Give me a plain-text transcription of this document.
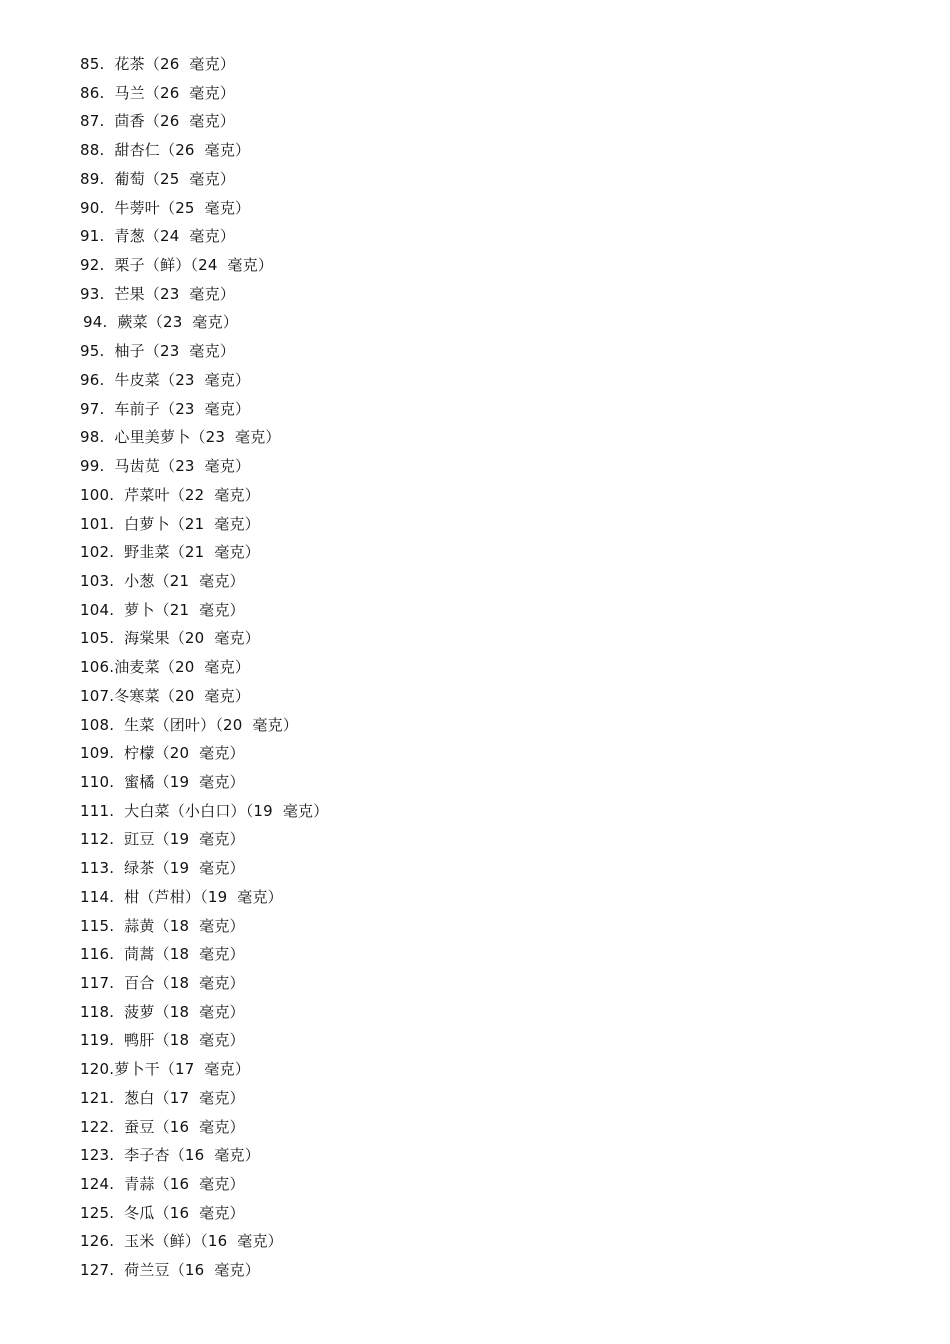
85.  花茶（26  毫克）
86.  马兰（26  毫克）
87.  茴香（26  毫克）
88.  甜杏仁（26  毫克）
89.  葡萄（25  毫克）
90.  牛蒡叶（25  毫克）
91.  青葱（24  毫克）
92.  栗子（鲜）（24  毫克）
93.  芒果（23  毫克）
94.  蕨菜（23  毫克）
95.  柚子（23  毫克）
96.  牛皮菜（23  毫克）
97.  车前子（23  毫克）
98.  心里美萝卜（23  毫克）
99.  马齿苋（23  毫克）
100.  芹菜叶（22  毫克）
101.  白萝卜（21  毫克）
102.  野韭菜（21  毫克）
103.  小葱（21  毫克）
104.  萝卜（21  毫克）
105.  海棠果（20  毫克）
106.油麦菜（20  毫克）
107.冬寒菜（20  毫克）
108.  生菜（团叶）（20  毫克）
109.  柠檬（20  毫克）
110.  蜜橘（19  毫克）
111.  大白菜（小白口）（19  毫克）
112.  豇豆（19  毫克）
113.  绿茶（19  毫克）
114.  柑（芦柑）（19  毫克）
115.  蒜黄（18  毫克）
116.  茼蒿（18  毫克）
117.  百合（18  毫克）
118.  菠萝（18  毫克）
119.  鸭肝（18  毫克）
120.萝卜干（17  毫克）
121.  葱白（17  毫克）
122.  蚕豆（16  毫克）
123.  李子杏（16  毫克）
124.  青蒜（16  毫克）
125.  冬瓜（16  毫克）
126.  玉米（鲜）（16  毫克）
127.  荷兰豆（16  毫克）
